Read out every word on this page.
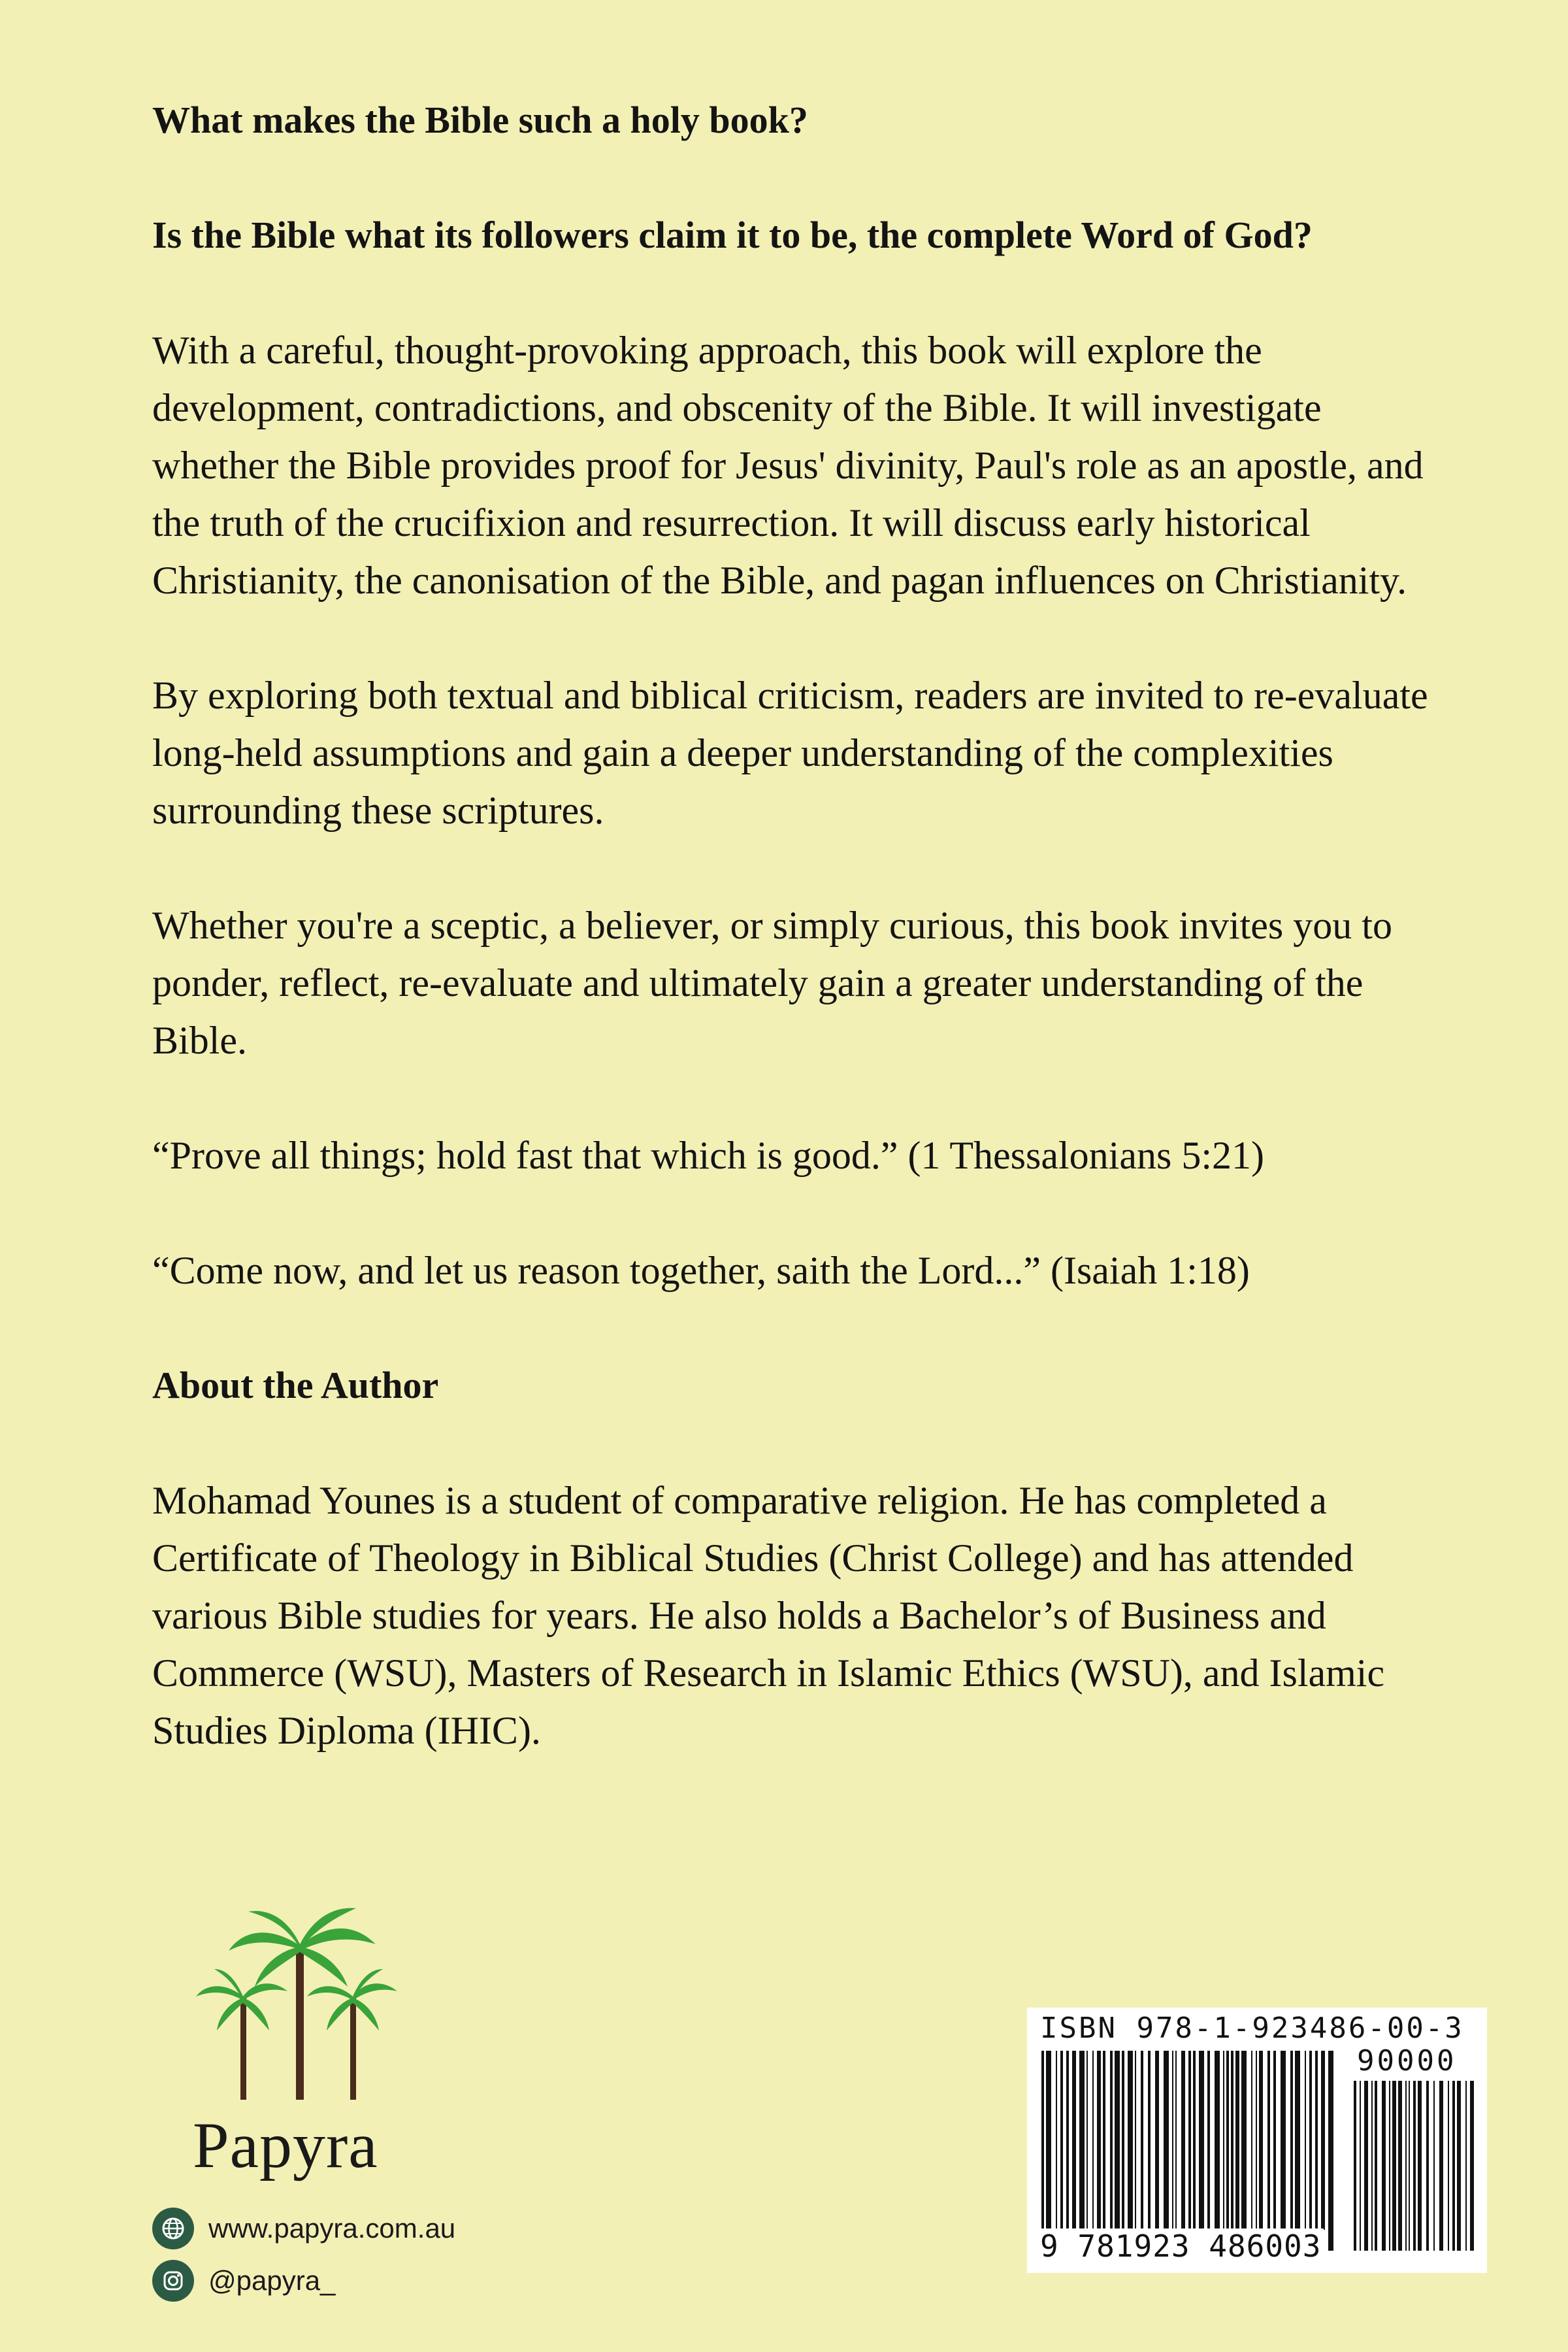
What makes the Bible such a holy book?

Is the Bible what its followers claim it to be, the complete Word of God?

With a careful, thought-provoking approach, this book will explore the development, contradictions, and obscenity of the Bible. It will investigate whether the Bible provides proof for Jesus' divinity, Paul's role as an apostle, and the truth of the crucifixion and resurrection. It will discuss early historical Christianity, the canonisation of the Bible, and pagan influences on Christianity.

By exploring both textual and biblical criticism, readers are invited to re-evaluate long-held assumptions and gain a deeper understanding of the complexities surrounding these scriptures.

Whether you're a sceptic, a believer, or simply curious, this book invites you to ponder, reflect, re-evaluate and ultimately gain a greater understanding of the Bible.

“Prove all things; hold fast that which is good.” (1 Thessalonians 5:21)

“Come now, and let us reason together, saith the Lord...” (Isaiah 1:18)

About the Author

Mohamad Younes is a student of comparative religion. He has completed a Certificate of Theology in Biblical Studies (Christ College) and has attended various Bible studies for years. He also holds a Bachelor’s of Business and Commerce (WSU), Masters of Research in Islamic Ethics (WSU), and Islamic Studies Diploma (IHIC).

Papyra
www.papyra.com.au
@papyra_
ISBN 978-1-923486-00-3
90000
9 781923 486003
